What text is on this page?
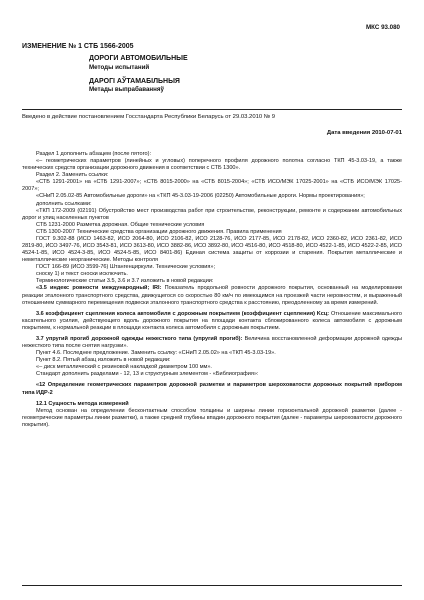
МКС 93.080
ИЗМЕНЕНИЕ № 1 СТБ 1566-2005
ДОРОГИ АВТОМОБИЛЬНЫЕ
Методы испытаний
ДАРОГІ АЎТАМАБІЛЬНЫЯ
Метады выпрабаванняў
Введено в действие постановлением Госстандарта Республики Беларусь от 29.03.2010 № 9
Дата введения 2010-07-01

Раздел 1 дополнить абзацем (после пятого):

«– геометрических параметров (линейных и угловых) поперечного профиля дорожного полотна согласно ТКП 45-3.03-19, а также технических средств организации дорожного движения в соответствии с СТБ 1300».

Раздел 2. Заменить ссылки:

«СТБ 1291-2001» на «СТБ 1291-2007»; «СТБ 8015-2000» на «СТБ 8015-2004»; «СТБ ИСО/МЭК 17025-2001» на «СТБ ИСО/МЭК 17025-2007»;

«СНиП 2.05.02-85 Автомобильные дороги» на «ТКП 45-3.03-19-2006 (02250) Автомобильные дороги. Нормы проектирования»;

дополнить ссылками:

«ТКП 172-2009 (02191) Обустройство мест производства работ при строительстве, реконструкции, ремонте и содержании автомобильных дорог и улиц населенных пунктов

СТБ 1231-2000 Разметка дорожная. Общие технические условия

СТБ 1300-2007 Технические средства организации дорожного движения. Правила применения

ГОСТ 9.302-88 (ИСО 1463-82, ИСО 2064-80, ИСО 2106-82, ИСО 2128-76, ИСО 2177-85, ИСО 2178-82, ИСО 2360-82, ИСО 2361-82, ИСО 2819-80, ИСО 3497-76, ИСО 3543-81, ИСО 3613-80, ИСО 3882-86, ИСО 3892-80, ИСО 4516-80, ИСО 4518-80, ИСО 4522-1-85, ИСО 4522-2-85, ИСО 4524-1-85, ИСО 4524-3-85, ИСО 4524-5-85, ИСО 8401-86) Единая система защиты от коррозии и старения. Покрытия металлические и неметаллические неорганические. Методы контроля

ГОСТ 166-89 (ИСО 3599-76) Штангенциркули. Технические условия»;

сноску 1) и текст сноски исключить.

Терминологические статьи 3.5, 3.6 и 3.7 изложить в новой редакции:

«3.5 индекс ровности международный; IRI: Показатель продольной ровности дорожного покрытия, основанный на моделировании реакции эталонного транспортного средства, движущегося со скоростью 80 км/ч по имеющимся на проезжей части неровностям, и выраженный отношением суммарного перемещения подвески эталонного транспортного средства к расстоянию, преодоленному за время измерений.

3.6 коэффициент сцепления колеса автомобиля с дорожным покрытием (коэффициент сцепления) Kсц: Отношение максимального касательного усилия, действующего вдоль дорожного покрытия на площади контакта сблокированного колеса автомобиля с дорожным покрытием, к нормальной реакции в площади контакта колеса автомобиля с дорожным покрытием.

3.7 упругий прогиб дорожной одежды нежесткого типа (упругий прогиб): Величина восстановленной деформации дорожной одежды нежесткого типа после снятия нагрузки».

Пункт 4.6. Последнее предложение. Заменить ссылку: «СНиП 2.05.02» на «ТКП 45-3.03-19».

Пункт 8.2. Пятый абзац изложить в новой редакции:

«– диск металлический с резиновой накладкой диаметром 100 мм».

Стандарт дополнить разделами - 12, 13 и структурным элементом - «Библиография»:

«12 Определение геометрических параметров дорожной разметки и параметров шероховатости дорожных покрытий прибором типа ИДР-2

12.1 Сущность метода измерений

Метод основан на определении бесконтактным способом толщины и ширины линии горизонтальной дорожной разметки (далее - геометрические параметры линии разметки), а также средней глубины впадин дорожного покрытия (далее - параметры шероховатости дорожного покрытия).
